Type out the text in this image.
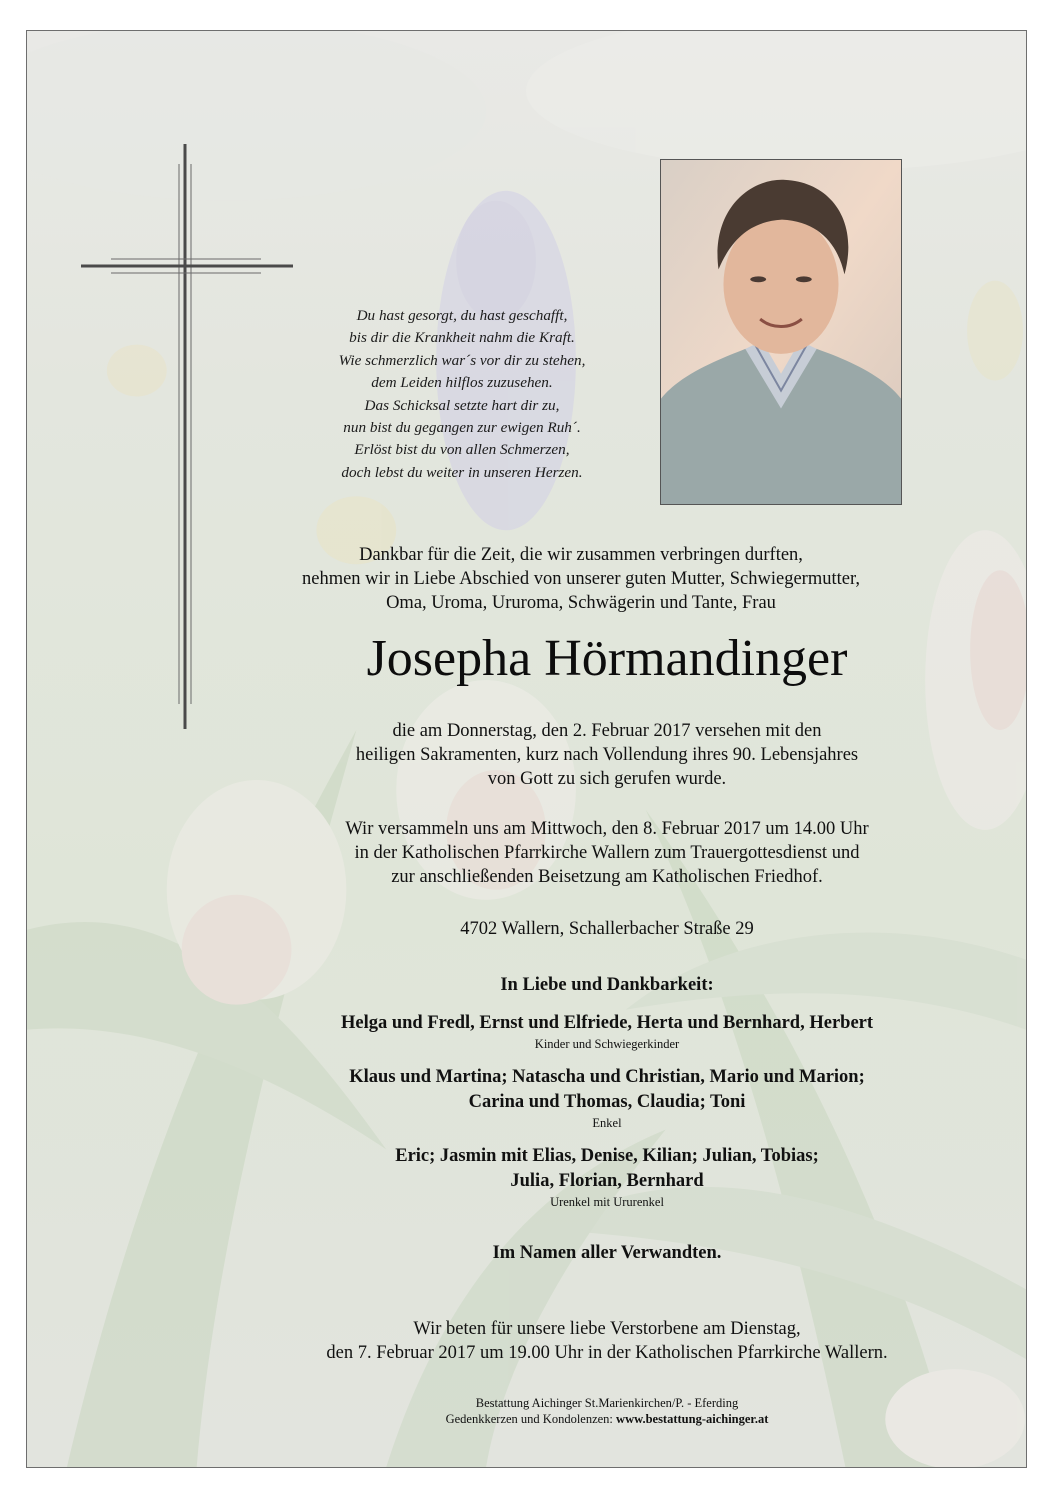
Du hast gesorgt, du hast geschafft,
bis dir die Krankheit nahm die Kraft.
Wie schmerzlich war´s vor dir zu stehen,
dem Leiden hilflos zuzusehen.
Das Schicksal setzte hart dir zu,
nun bist du gegangen zur ewigen Ruh´.
Erlöst bist du von allen Schmerzen,
doch lebst du weiter in unseren Herzen.
Dankbar für die Zeit, die wir zusammen verbringen durften,
nehmen wir in Liebe Abschied von unserer guten Mutter, Schwiegermutter,
Oma, Uroma, Ururoma, Schwägerin und Tante, Frau
Josepha Hörmandinger
die am Donnerstag, den 2. Februar 2017 versehen mit den
heiligen Sakramenten, kurz nach Vollendung ihres 90. Lebensjahres
von Gott zu sich gerufen wurde.
Wir versammeln uns am Mittwoch, den 8. Februar 2017 um 14.00 Uhr
in der Katholischen Pfarrkirche Wallern zum Trauergottesdienst und
zur anschließenden Beisetzung am Katholischen Friedhof.
4702 Wallern, Schallerbacher Straße 29
In Liebe und Dankbarkeit:
Helga und Fredl, Ernst und Elfriede, Herta und Bernhard, Herbert
Kinder und Schwiegerkinder
Klaus und Martina; Natascha und Christian, Mario und Marion;
Carina und Thomas, Claudia; Toni
Enkel
Eric; Jasmin mit Elias, Denise, Kilian; Julian, Tobias;
Julia, Florian, Bernhard
Urenkel mit Ururenkel
Im Namen aller Verwandten.
Wir beten für unsere liebe Verstorbene am Dienstag,
den 7. Februar 2017 um 19.00 Uhr in der Katholischen Pfarrkirche Wallern.
Bestattung Aichinger St.Marienkirchen/P. - Eferding
Gedenkkerzen und Kondolenzen: www.bestattung-aichinger.at
